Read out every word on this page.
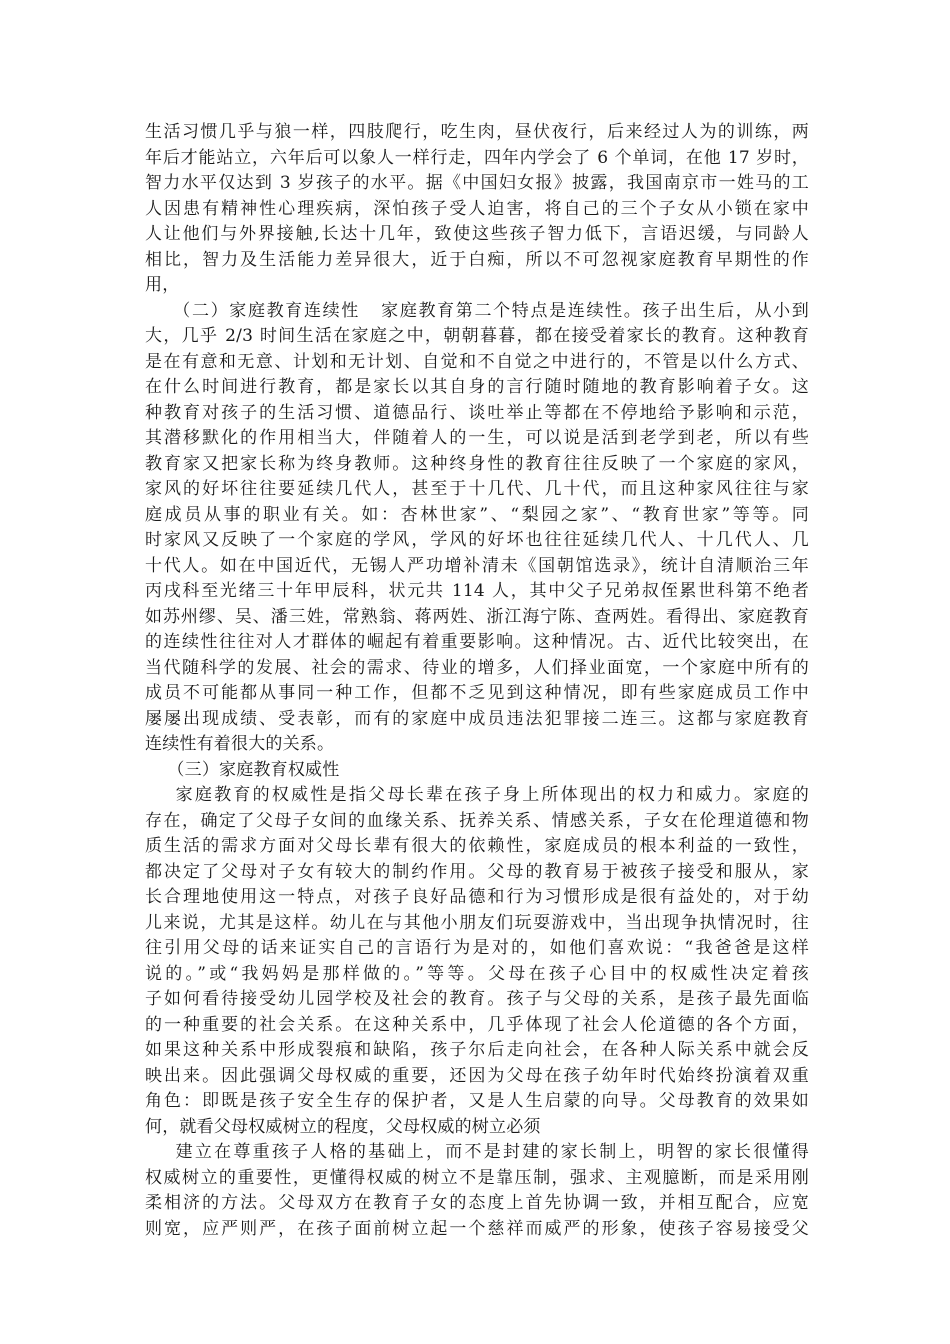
生活习惯几乎与狼一样，四肢爬行，吃生肉，昼伏夜行，后来经过人为的训练，两
年后才能站立，六年后可以象人一样行走，四年内学会了 6 个单词，在他 17 岁时，
智力水平仅达到 3 岁孩子的水平。据《中国妇女报》披露，我国南京市一姓马的工
人因患有精神性心理疾病，深怕孩子受人迫害，将自己的三个子女从小锁在家中
人让他们与外界接触,长达十几年，致使这些孩子智力低下，言语迟缓，与同龄人
相比，智力及生活能力差异很大，近于白痴，所以不可忽视家庭教育早期性的作
用，
（二）家庭教育连续性   家庭教育第二个特点是连续性。孩子出生后，从小到
大，几乎 2/3 时间生活在家庭之中，朝朝暮暮，都在接受着家长的教育。这种教育
是在有意和无意、计划和无计划、自觉和不自觉之中进行的，不管是以什么方式、
在什么时间进行教育，都是家长以其自身的言行随时随地的教育影响着子女。这
种教育对孩子的生活习惯、道德品行、谈吐举止等都在不停地给予影响和示范，
其潜移默化的作用相当大，伴随着人的一生，可以说是活到老学到老，所以有些
教育家又把家长称为终身教师。这种终身性的教育往往反映了一个家庭的家风，
家风的好坏往往要延续几代人，甚至于十几代、几十代，而且这种家风往往与家
庭成员从事的职业有关。如：杏林世家”、“梨园之家”、“教育世家”等等。同
时家风又反映了一个家庭的学风，学风的好坏也往往延续几代人、十几代人、几
十代人。如在中国近代，无锡人严功增补清未《国朝馆选录》，统计自清顺治三年
丙戌科至光绪三十年甲辰科，状元共 114 人，其中父子兄弟叔侄累世科第不绝者
如苏州缪、吴、潘三姓，常熟翁、蒋两姓、浙江海宁陈、查两姓。看得出、家庭教育
的连续性往往对人才群体的崛起有着重要影响。这种情况。古、近代比较突出，在
当代随科学的发展、社会的需求、待业的增多，人们择业面宽，一个家庭中所有的
成员不可能都从事同一种工作，但都不乏见到这种情况，即有些家庭成员工作中
屡屡出现成绩、受表彰，而有的家庭中成员违法犯罪接二连三。这都与家庭教育
连续性有着很大的关系。
（三）家庭教育权威性
家庭教育的权威性是指父母长辈在孩子身上所体现出的权力和威力。家庭的
存在，确定了父母子女间的血缘关系、抚养关系、情感关系，子女在伦理道德和物
质生活的需求方面对父母长辈有很大的依赖性，家庭成员的根本利益的一致性，
都决定了父母对子女有较大的制约作用。父母的教育易于被孩子接受和服从，家
长合理地使用这一特点，对孩子良好品德和行为习惯形成是很有益处的，对于幼
儿来说，尤其是这样。幼儿在与其他小朋友们玩耍游戏中，当出现争执情况时，往
往引用父母的话来证实自己的言语行为是对的，如他们喜欢说：“我爸爸是这样
说的。”或“我妈妈是那样做的。”等等。父母在孩子心目中的权威性决定着孩
子如何看待接受幼儿园学校及社会的教育。孩子与父母的关系，是孩子最先面临
的一种重要的社会关系。在这种关系中，几乎体现了社会人伦道德的各个方面，
如果这种关系中形成裂痕和缺陷，孩子尔后走向社会，在各种人际关系中就会反
映出来。因此强调父母权威的重要，还因为父母在孩子幼年时代始终扮演着双重
角色：即既是孩子安全生存的保护者，又是人生启蒙的向导。父母教育的效果如
何，就看父母权威树立的程度，父母权威的树立必须
建立在尊重孩子人格的基础上，而不是封建的家长制上，明智的家长很懂得
权威树立的重要性，更懂得权威的树立不是靠压制，强求、主观臆断，而是采用刚
柔相济的方法。父母双方在教育子女的态度上首先协调一致，并相互配合，应宽
则宽，应严则严，在孩子面前树立起一个慈祥而威严的形象，使孩子容易接受父
